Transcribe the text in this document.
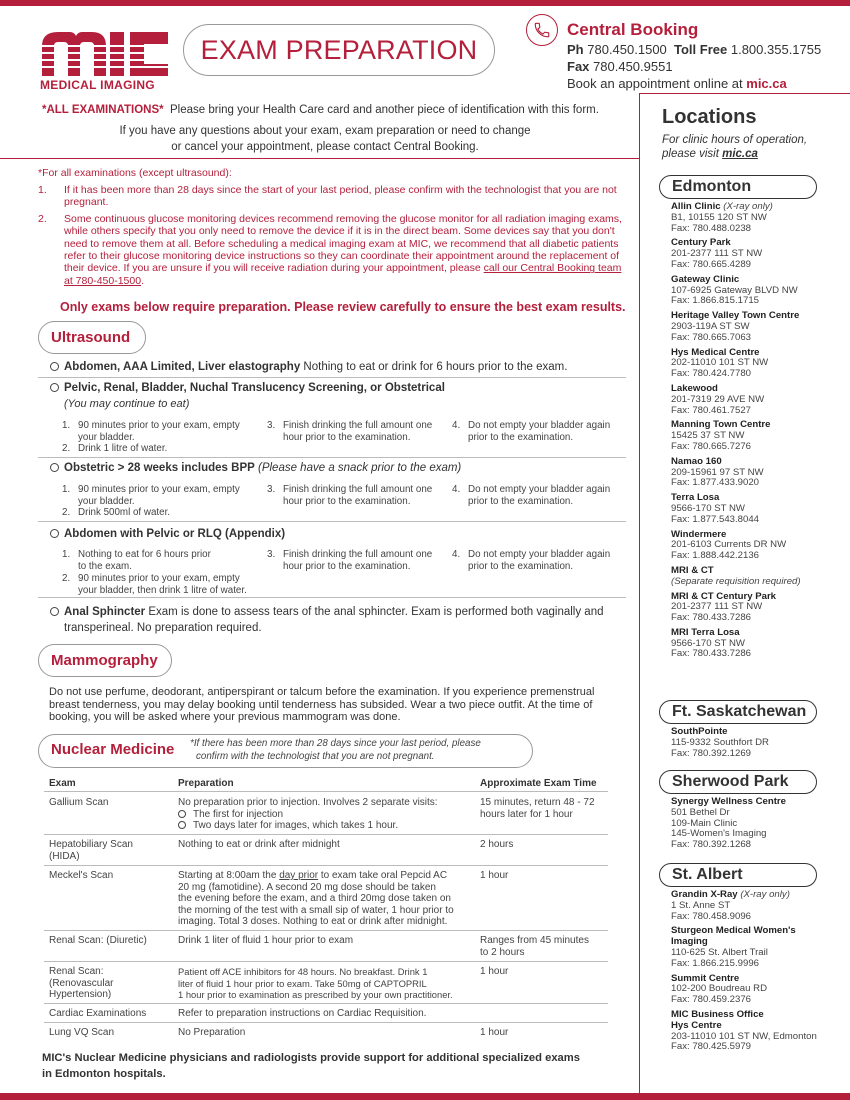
MEDICAL IMAGING
EXAM PREPARATION
Central Booking
Ph 780.450.1500 Toll Free 1.800.355.1755
Fax 780.450.9551
Book an appointment online at mic.ca
*ALL EXAMINATIONS* Please bring your Health Care card and another piece of identification with this form.
If you have any questions about your exam, exam preparation or need to change
or cancel your appointment, please contact Central Booking.
*For all examinations (except ultrasound):
1.	If it has been more than 28 days since the start of your last period, please confirm with the technologist that you are not pregnant.
2.	Some continuous glucose monitoring devices recommend removing the glucose monitor for all radiation imaging exams, while others specify that you only need to remove the device if it is in the direct beam. Some devices say that you don't need to remove them at all. Before scheduling a medical imaging exam at MIC, we recommend that all diabetic patients refer to their glucose monitoring device instructions so they can coordinate their appointment around the replacement of their device. If you are unsure if you will receive radiation during your appointment, please call our Central Booking team at 780-450-1500.
Only exams below require preparation. Please review carefully to ensure the best exam results.
Ultrasound
Abdomen, AAA Limited, Liver elastography Nothing to eat or drink for 6 hours prior to the exam.
Pelvic, Renal, Bladder, Nuchal Translucency Screening, or Obstetrical
(You may continue to eat)
1. 90 minutes prior to your exam, empty
your bladder.
2. Drink 1 litre of water.
3. Finish drinking the full amount one
hour prior to the examination.
4. Do not empty your bladder again
prior to the examination.
Obstetric > 28 weeks includes BPP (Please have a snack prior to the exam)
1. 90 minutes prior to your exam, empty
your bladder.
2. Drink 500ml of water.
3. Finish drinking the full amount one
hour prior to the examination.
4. Do not empty your bladder again
prior to the examination.
Abdomen with Pelvic or RLQ (Appendix)
1. Nothing to eat for 6 hours prior
to the exam.
2. 90 minutes prior to your exam, empty
your bladder, then drink 1 litre of water.
3. Finish drinking the full amount one
hour prior to the examination.
4. Do not empty your bladder again
prior to the examination.
Anal Sphincter Exam is done to assess tears of the anal sphincter. Exam is performed both vaginally and
transperineal. No preparation required.
Mammography
Do not use perfume, deodorant, antiperspirant or talcum before the examination. If you experience premenstrual
breast tenderness, you may delay booking until tenderness has subsided. Wear a two piece outfit. At the time of
booking, you will be asked where your previous mammogram was done.
Nuclear Medicine *If there has been more than 28 days since your last period, please
confirm with the technologist that you are not pregnant.
Exam	Preparation	Approximate Exam Time
Gallium Scan	No preparation prior to injection. Involves 2 separate visits:
The first for injection
Two days later for images, which takes 1 hour.
15 minutes, return 48 - 72
hours later for 1 hour
Hepatobiliary Scan
(HIDA)
Nothing to eat or drink after midnight	2 hours
Meckel's Scan	Starting at 8:00am the day prior to exam take oral Pepcid AC
20 mg (famotidine). A second 20 mg dose should be taken
the evening before the exam, and a third 20mg dose taken on
the morning of the test with a small sip of water, 1 hour prior to
imaging. Total 3 doses. Nothing to eat or drink after midnight.
1 hour
Renal Scan: (Diuretic)	Drink 1 liter of fluid 1 hour prior to exam	Ranges from 45 minutes
to 2 hours
Renal Scan:
(Renovascular
Hypertension)
Patient off ACE inhibitors for 48 hours. No breakfast. Drink 1
liter of fluid 1 hour prior to exam. Take 50mg of CAPTOPRIL
1 hour prior to examination as prescribed by your own practitioner.
1 hour
Cardiac Examinations	Refer to preparation instructions on Cardiac Requisition.
Lung VQ Scan	No Preparation	1 hour
MIC's Nuclear Medicine physicians and radiologists provide support for additional specialized exams
in Edmonton hospitals.
Locations
For clinic hours of operation,
please visit mic.ca
Edmonton
Allin Clinic (X-ray only)
B1, 10155 120 ST NW
Fax: 780.488.0238
Century Park
201-2377 111 ST NW
Fax: 780.665.4289
Gateway Clinic
107-6925 Gateway BLVD NW
Fax: 1.866.815.1715
Heritage Valley Town Centre
2903-119A ST SW
Fax: 780.665.7063
Hys Medical Centre
202-11010 101 ST NW
Fax: 780.424.7780
Lakewood
201-7319 29 AVE NW
Fax: 780.461.7527
Manning Town Centre
15425 37 ST NW
Fax: 780.665.7276
Namao 160
209-15961 97 ST NW
Fax: 1.877.433.9020
Terra Losa
9566-170 ST NW
Fax: 1.877.543.8044
Windermere
201-6103 Currents DR NW
Fax: 1.888.442.2136
MRI & CT
(Separate requisition required)
MRI & CT Century Park
201-2377 111 ST NW
Fax: 780.433.7286
MRI Terra Losa
9566-170 ST NW
Fax: 780.433.7286
Ft. Saskatchewan
SouthPointe
115-9332 Southfort DR
Fax: 780.392.1269
Sherwood Park
Synergy Wellness Centre
501 Bethel Dr
109-Main Clinic
145-Women's Imaging
Fax: 780.392.1268
St. Albert
Grandin X-Ray (X-ray only)
1 St. Anne ST
Fax: 780.458.9096
Sturgeon Medical Women's Imaging
110-625 St. Albert Trail
Fax: 1.866.215.9996
Summit Centre
102-200 Boudreau RD
Fax: 780.459.2376
MIC Business Office
Hys Centre
203-11010 101 ST NW, Edmonton
Fax: 780.425.5979
